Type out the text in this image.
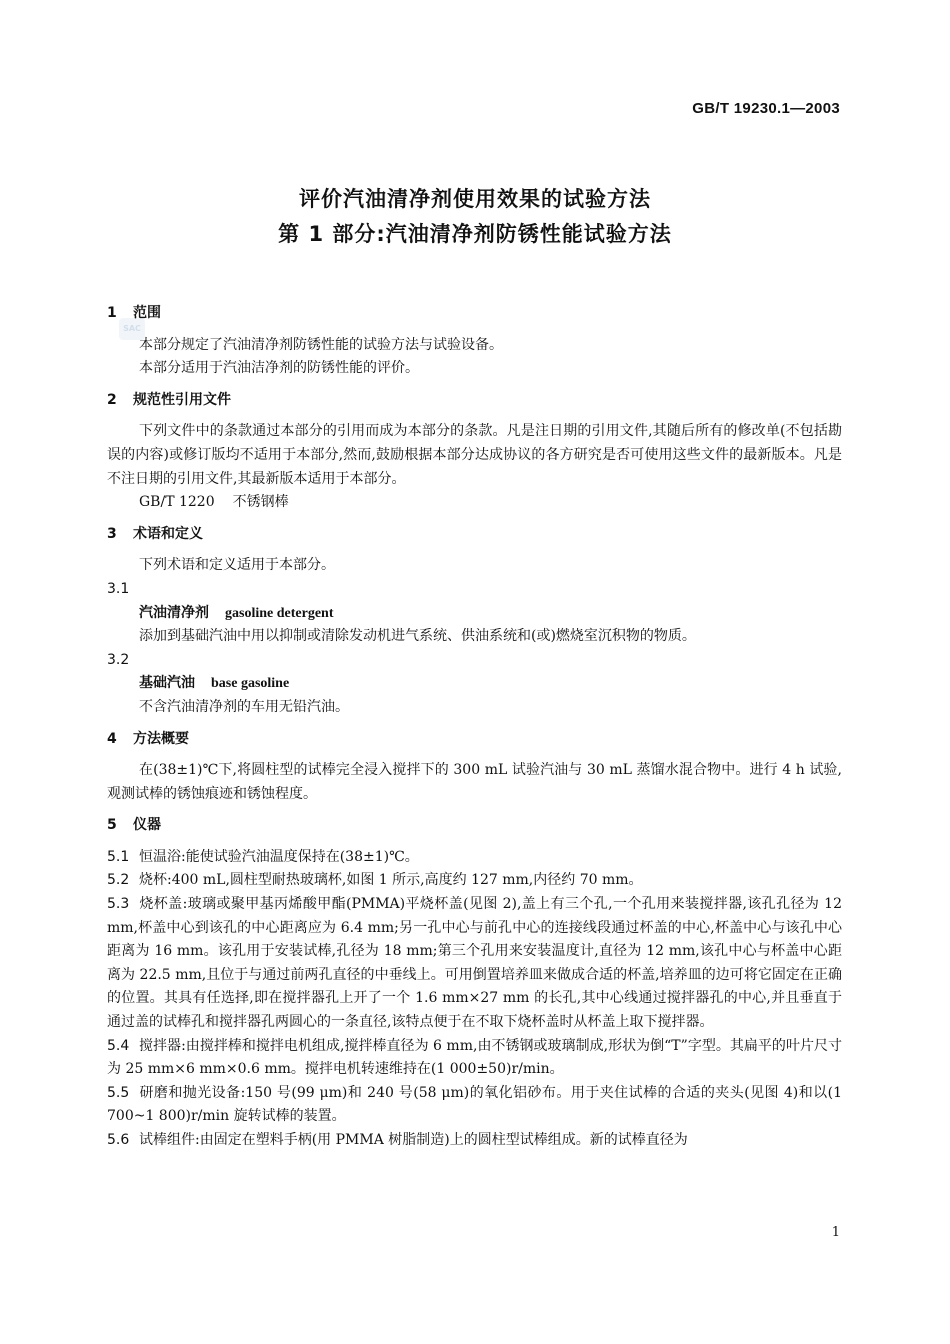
GB/T 19230.1—2003
评价汽油清净剂使用效果的试验方法
第 1 部分:汽油清净剂防锈性能试验方法
SAC
1 范围

本部分规定了汽油清净剂防锈性能的试验方法与试验设备。

本部分适用于汽油洁净剂的防锈性能的评价。

2 规范性引用文件

下列文件中的条款通过本部分的引用而成为本部分的条款。凡是注日期的引用文件,其随后所有的修改单(不包括勘误的内容)或修订版均不适用于本部分,然而,鼓励根据本部分达成协议的各方研究是否可使用这些文件的最新版本。凡是不注日期的引用文件,其最新版本适用于本部分。

GB/T 1220 不锈钢棒

3 术语和定义

下列术语和定义适用于本部分。

3.1

汽油清净剂 gasoline detergent

添加到基础汽油中用以抑制或清除发动机进气系统、供油系统和(或)燃烧室沉积物的物质。

3.2

基础汽油 base gasoline

不含汽油清净剂的车用无铅汽油。

4 方法概要

在(38±1)℃下,将圆柱型的试棒完全浸入搅拌下的 300 mL 试验汽油与 30 mL 蒸馏水混合物中。进行 4 h 试验,观测试棒的锈蚀痕迹和锈蚀程度。

5 仪器

5.1 恒温浴:能使试验汽油温度保持在(38±1)℃。

5.2 烧杯:400 mL,圆柱型耐热玻璃杯,如图 1 所示,高度约 127 mm,内径约 70 mm。

5.3 烧杯盖:玻璃或聚甲基丙烯酸甲酯(PMMA)平烧杯盖(见图 2),盖上有三个孔,一个孔用来装搅拌器,该孔孔径为 12 mm,杯盖中心到该孔的中心距离应为 6.4 mm;另一孔中心与前孔中心的连接线段通过杯盖的中心,杯盖中心与该孔中心距离为 16 mm。该孔用于安装试棒,孔径为 18 mm;第三个孔用来安装温度计,直径为 12 mm,该孔中心与杯盖中心距离为 22.5 mm,且位于与通过前两孔直径的中垂线上。可用倒置培养皿来做成合适的杯盖,培养皿的边可将它固定在正确的位置。其具有任选择,即在搅拌器孔上开了一个 1.6 mm×27 mm 的长孔,其中心线通过搅拌器孔的中心,并且垂直于通过盖的试棒孔和搅拌器孔两圆心的一条直径,该特点便于在不取下烧杯盖时从杯盖上取下搅拌器。

5.4 搅拌器:由搅拌棒和搅拌电机组成,搅拌棒直径为 6 mm,由不锈钢或玻璃制成,形状为倒“T”字型。其扁平的叶片尺寸为 25 mm×6 mm×0.6 mm。搅拌电机转速维持在(1 000±50)r/min。

5.5 研磨和抛光设备:150 号(99 μm)和 240 号(58 μm)的氧化铝砂布。用于夹住试棒的合适的夹头(见图 4)和以(1 700~1 800)r/min 旋转试棒的装置。

5.6 试棒组件:由固定在塑料手柄(用 PMMA 树脂制造)上的圆柱型试棒组成。新的试棒直径为

1
